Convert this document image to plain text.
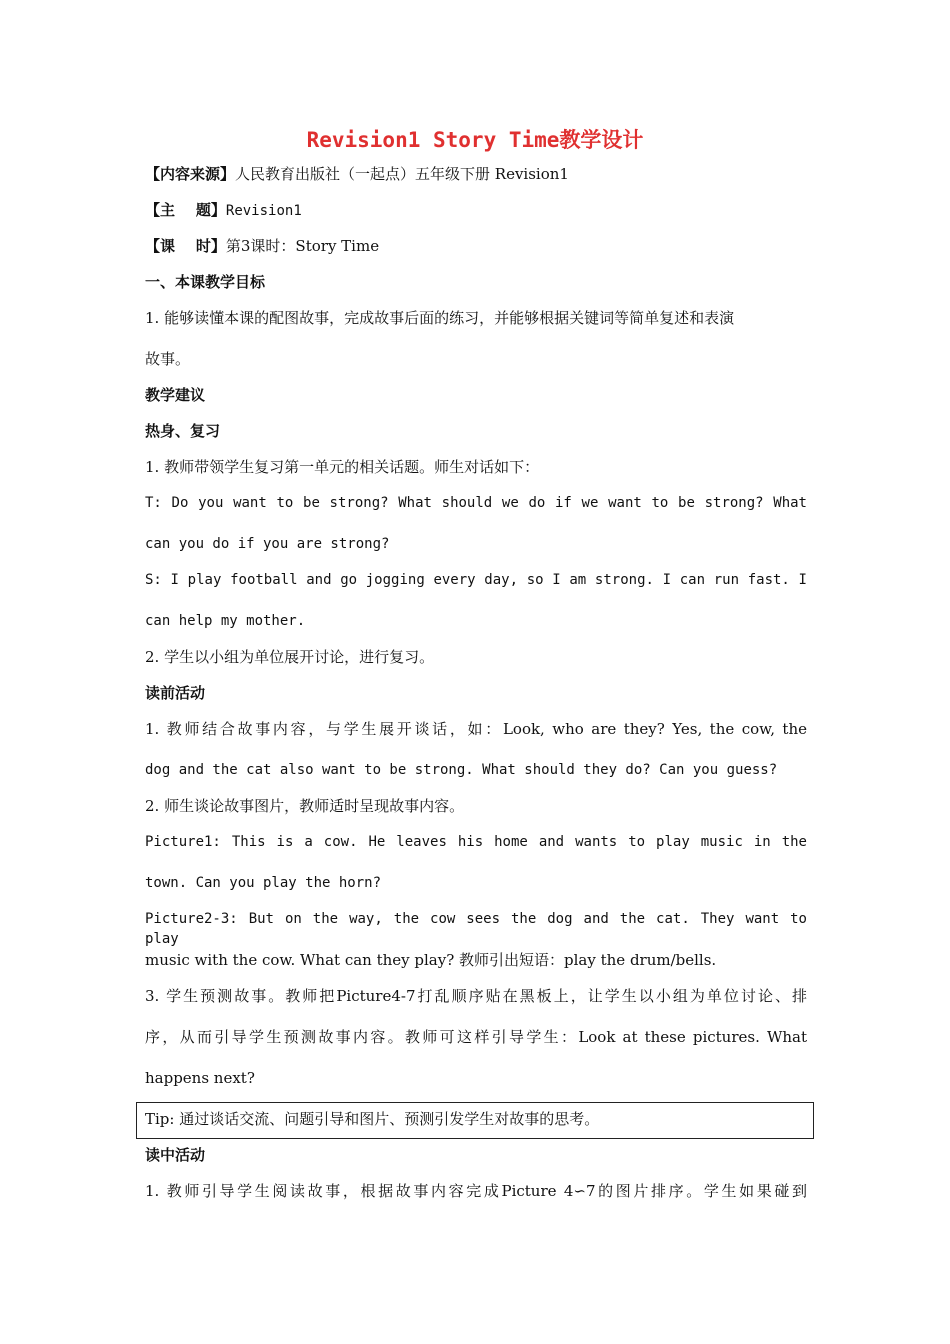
Revision1 Story Time教学设计
【内容来源】人民教育出版社（一起点）五年级下册 Revision1
【主    题】Revision1
【课    时】第3课时：Story Time
一、本课教学目标
1. 能够读懂本课的配图故事，完成故事后面的练习，并能够根据关键词等简单复述和表演
故事。
教学建议
热身、复习
1. 教师带领学生复习第一单元的相关话题。师生对话如下：
T: Do you want to be strong? What should we do if we want to be strong? What
can you do if you are strong?
S: I play football and go jogging every day, so I am strong. I can run fast. I
can help my mother.
2. 学生以小组为单位展开讨论，进行复习。
读前活动
1. 教师结合故事内容，与学生展开谈话，如：Look, who are they? Yes, the cow, the
dog and the cat also want to be strong. What should they do? Can you guess?
2. 师生谈论故事图片，教师适时呈现故事内容。
Picture1: This is a cow. He leaves his home and wants to play music in the
town. Can you play the horn?
Picture2-3: But on the way, the cow sees the dog and the cat. They want to play
music with the cow. What can they play? 教师引出短语：play the drum/bells.
3. 学生预测故事。教师把Picture4-7打乱顺序贴在黑板上，让学生以小组为单位讨论、排
序，从而引导学生预测故事内容。教师可这样引导学生：Look at these pictures. What
happens next?
Tip: 通过谈话交流、问题引导和图片、预测引发学生对故事的思考。
读中活动
1. 教师引导学生阅读故事，根据故事内容完成Picture 4∽7的图片排序。学生如果碰到
